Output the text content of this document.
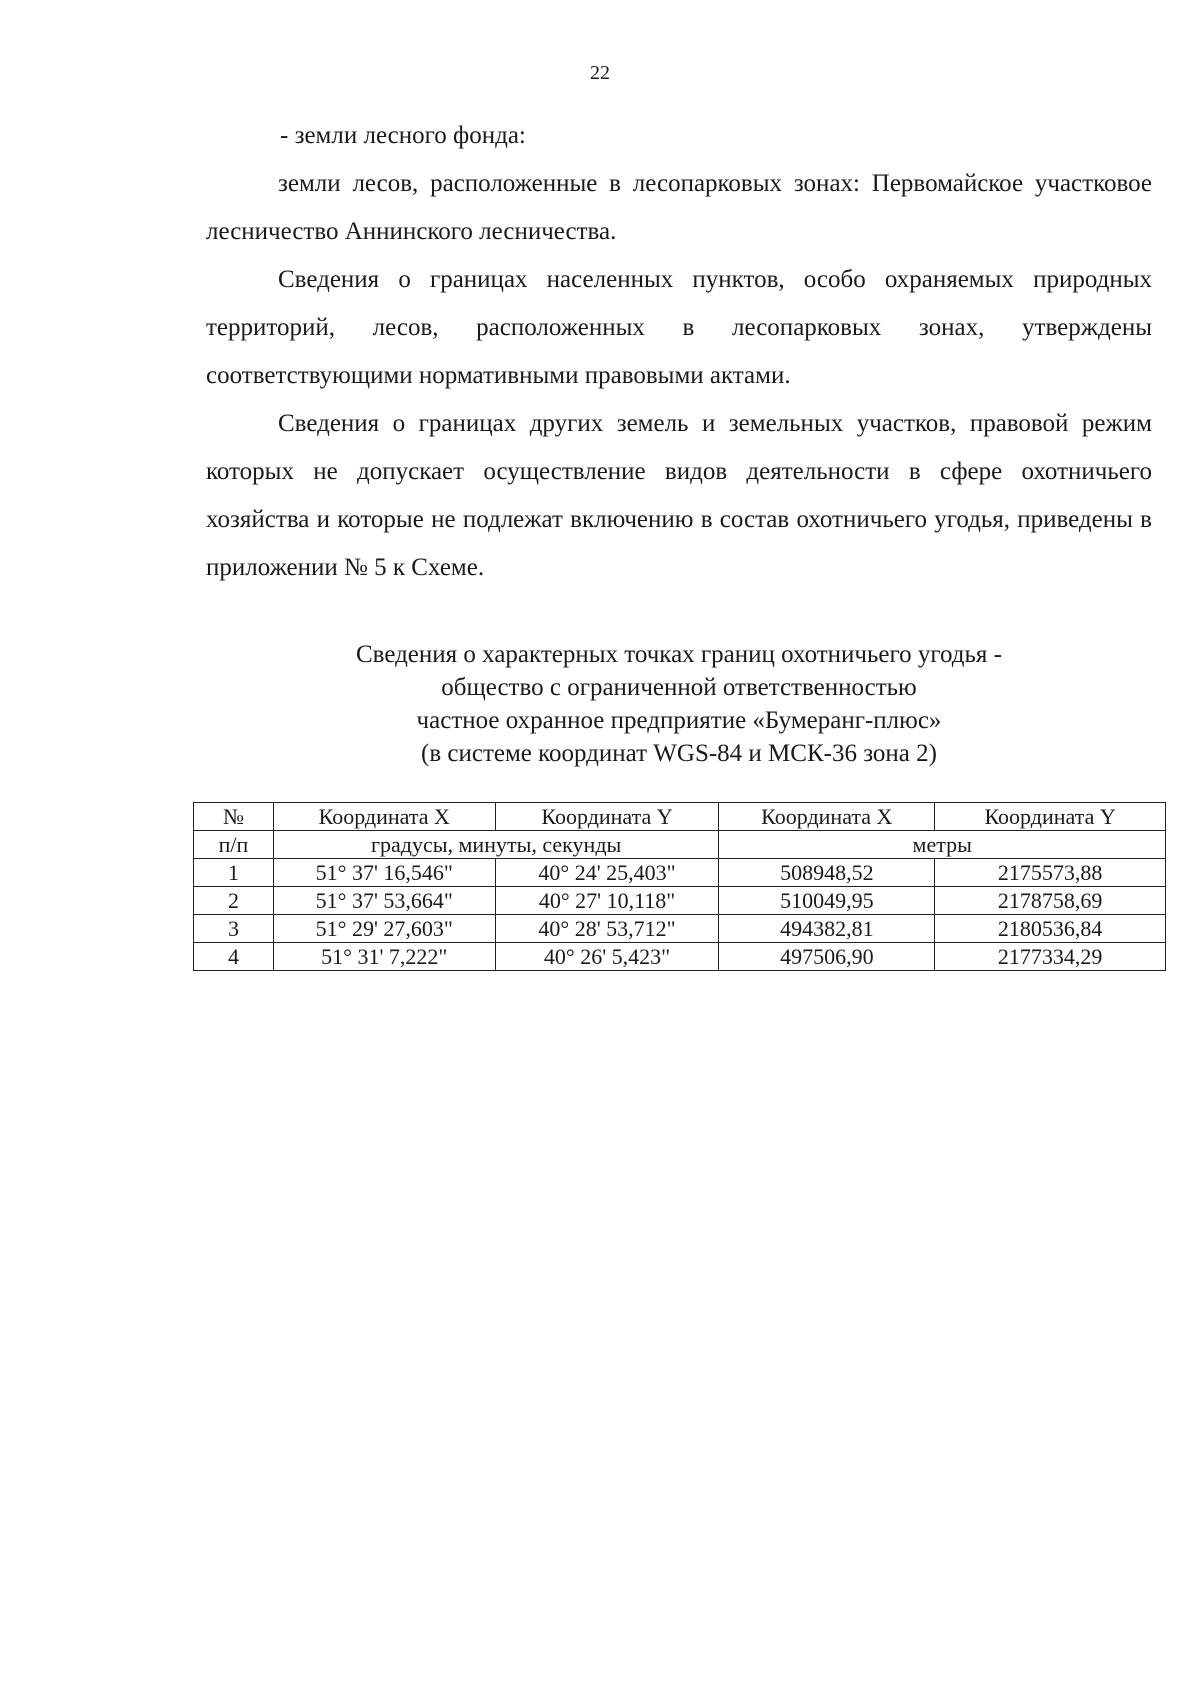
22

- земли лесного фонда:

земли лесов, расположенные в лесопарковых зонах: Первомайское участковое лесничество Аннинского лесничества.

Сведения о границах населенных пунктов, особо охраняемых природных территорий, лесов, расположенных в лесопарковых зонах, утверждены соответствующими нормативными правовыми актами.

Сведения о границах других земель и земельных участков, правовой режим которых не допускает осуществление видов деятельности в сфере охотничьего хозяйства и которые не подлежат включению в состав охотничьего угодья, приведены в приложении № 5 к Схеме.

Сведения о характерных точках границ охотничьего угодья -
общество с ограниченной ответственностью
частное охранное предприятие «Бумеранг-плюс»
(в системе координат WGS-84 и МСК-36 зона 2)
№	Координата X	Координата Y	Координата X	Координата Y
п/п	градусы, минуты, секунды		метры	
1	51° 37' 16,546"	40° 24' 25,403"	508948,52	2175573,88
2	51° 37' 53,664"	40° 27' 10,118"	510049,95	2178758,69
3	51° 29' 27,603"	40° 28' 53,712"	494382,81	2180536,84
4	51° 31' 7,222"	40° 26' 5,423"	497506,90	2177334,29
